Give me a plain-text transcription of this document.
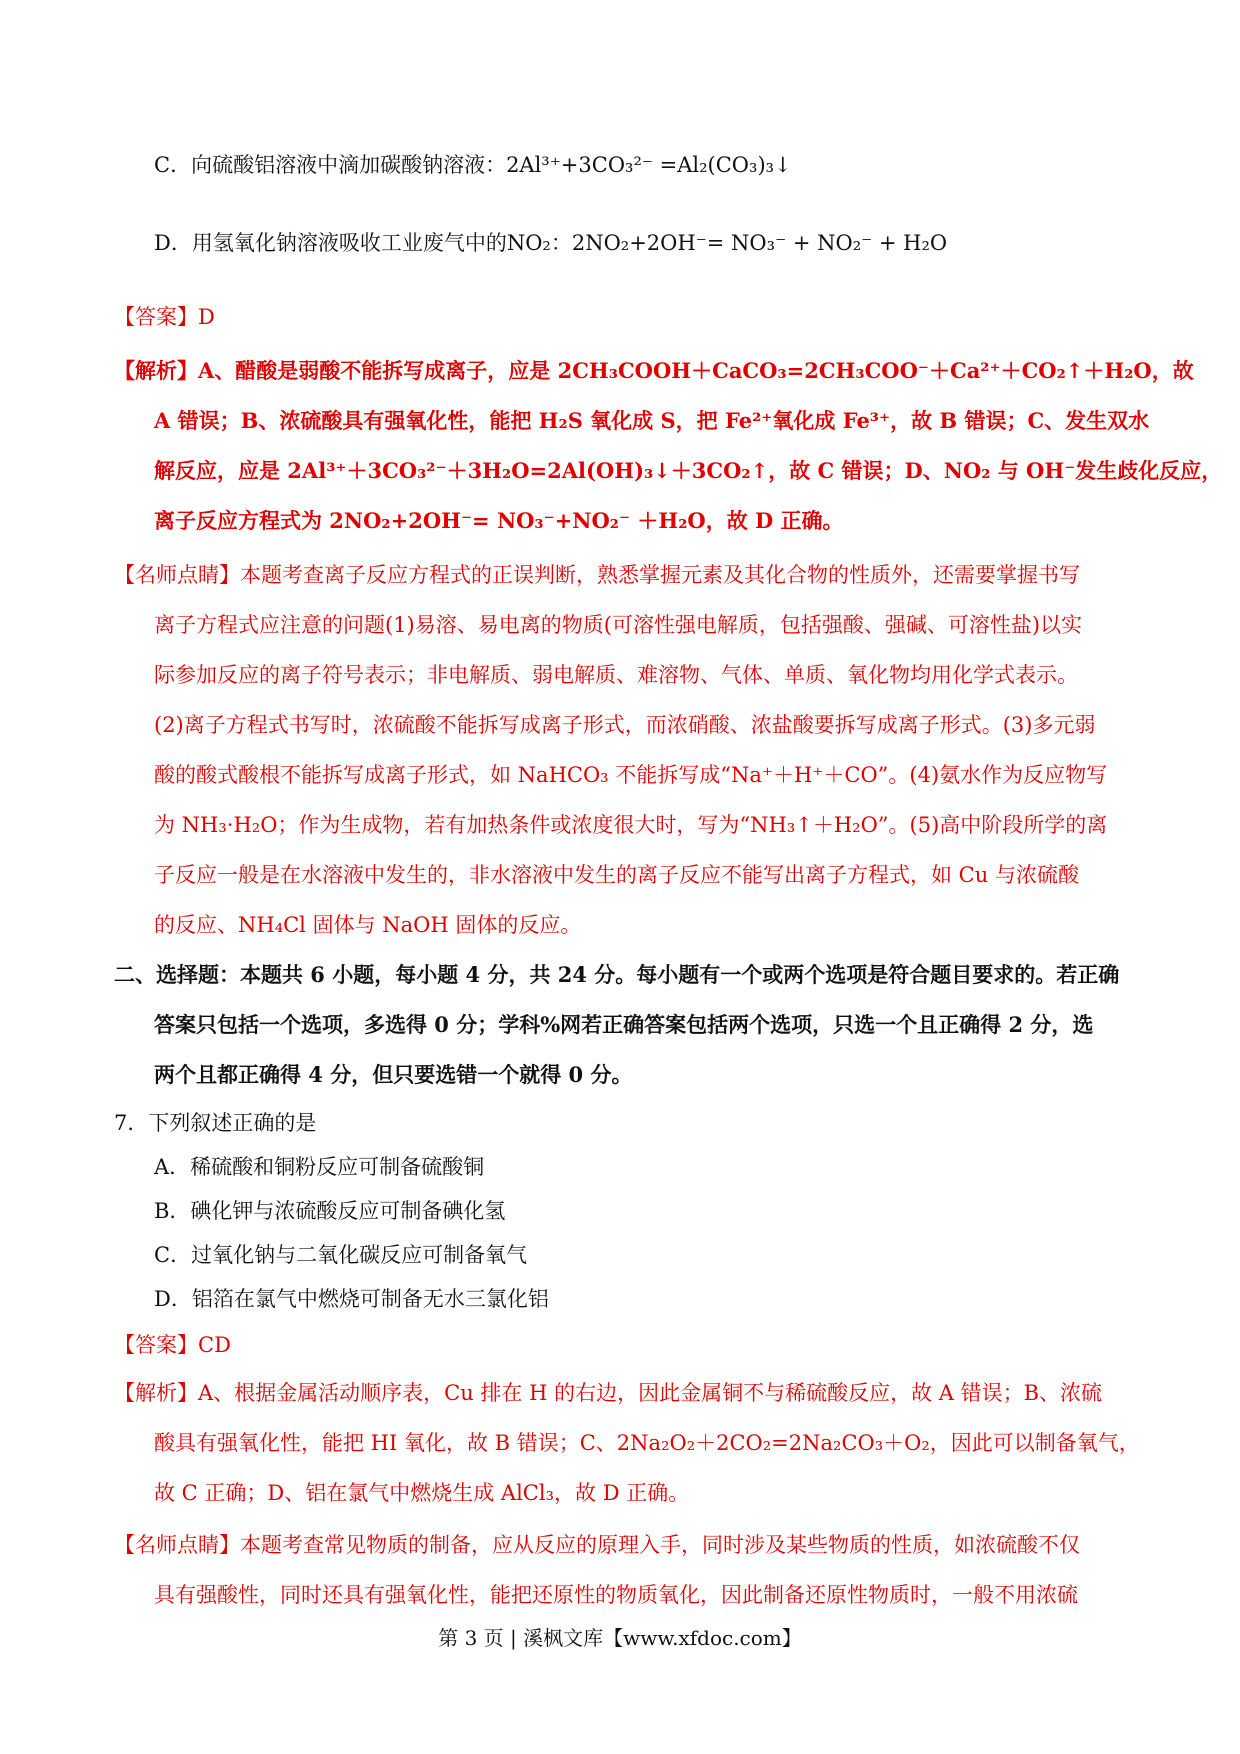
C．向硫酸铝溶液中滴加碳酸钠溶液：2Al³⁺+3CO₃²⁻ =Al₂(CO₃)₃↓
D．用氢氧化钠溶液吸收工业废气中的NO₂：2NO₂+2OH⁻= NO₃⁻ + NO₂⁻ + H₂O
【答案】D
【解析】A、醋酸是弱酸不能拆写成离子，应是 2CH₃COOH＋CaCO₃=2CH₃COO⁻＋Ca²⁺＋CO₂↑＋H₂O，故
A 错误；B、浓硫酸具有强氧化性，能把 H₂S 氧化成 S，把 Fe²⁺氧化成 Fe³⁺，故 B 错误；C、发生双水
解反应，应是 2Al³⁺＋3CO₃²⁻＋3H₂O=2Al(OH)₃↓＋3CO₂↑，故 C 错误；D、NO₂ 与 OH⁻发生歧化反应，
离子反应方程式为 2NO₂+2OH⁻= NO₃⁻+NO₂⁻ ＋H₂O，故 D 正确。
【名师点睛】本题考查离子反应方程式的正误判断，熟悉掌握元素及其化合物的性质外，还需要掌握书写
离子方程式应注意的问题(1)易溶、易电离的物质(可溶性强电解质，包括强酸、强碱、可溶性盐)以实
际参加反应的离子符号表示；非电解质、弱电解质、难溶物、气体、单质、氧化物均用化学式表示。
(2)离子方程式书写时，浓硫酸不能拆写成离子形式，而浓硝酸、浓盐酸要拆写成离子形式。(3)多元弱
酸的酸式酸根不能拆写成离子形式，如 NaHCO₃ 不能拆写成“Na⁺＋H⁺＋CO”。(4)氨水作为反应物写
为 NH₃·H₂O；作为生成物，若有加热条件或浓度很大时，写为“NH₃↑＋H₂O”。(5)高中阶段所学的离
子反应一般是在水溶液中发生的，非水溶液中发生的离子反应不能写出离子方程式，如 Cu 与浓硫酸
的反应、NH₄Cl 固体与 NaOH 固体的反应。
二、选择题：本题共 6 小题，每小题 4 分，共 24 分。每小题有一个或两个选项是符合题目要求的。若正确
答案只包括一个选项，多选得 0 分；学科%网若正确答案包括两个选项，只选一个且正确得 2 分，选
两个且都正确得 4 分，但只要选错一个就得 0 分。
7．下列叙述正确的是
A．稀硫酸和铜粉反应可制备硫酸铜
B．碘化钾与浓硫酸反应可制备碘化氢
C．过氧化钠与二氧化碳反应可制备氧气
D．铝箔在氯气中燃烧可制备无水三氯化铝
【答案】CD
【解析】A、根据金属活动顺序表，Cu 排在 H 的右边，因此金属铜不与稀硫酸反应，故 A 错误；B、浓硫
酸具有强氧化性，能把 HI 氧化，故 B 错误；C、2Na₂O₂＋2CO₂=2Na₂CO₃＋O₂，因此可以制备氧气，
故 C 正确；D、铝在氯气中燃烧生成 AlCl₃，故 D 正确。
【名师点睛】本题考查常见物质的制备，应从反应的原理入手，同时涉及某些物质的性质，如浓硫酸不仅
具有强酸性，同时还具有强氧化性，能把还原性的物质氧化，因此制备还原性物质时，一般不用浓硫
第 3 页 | 溪枫文库【www.xfdoc.com】
